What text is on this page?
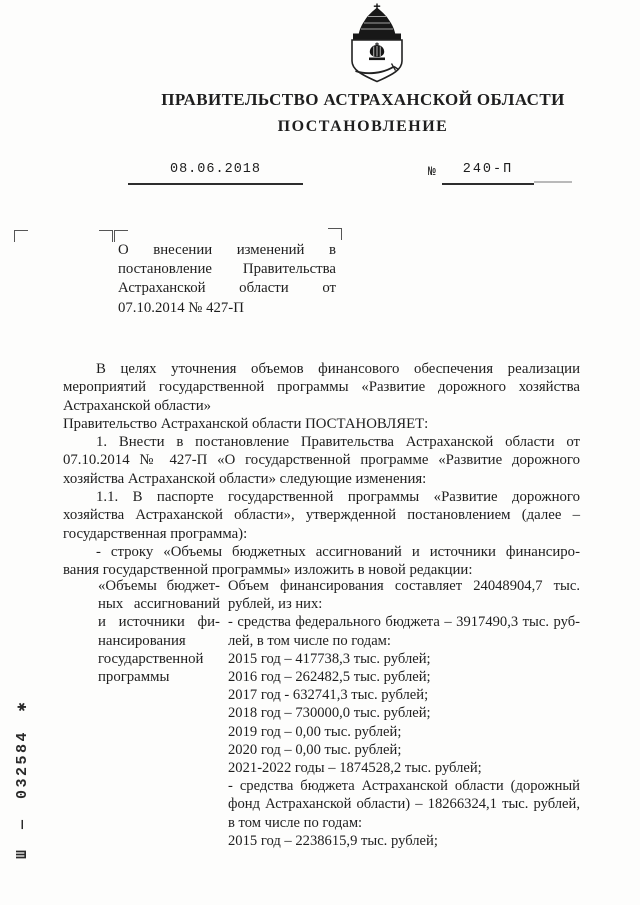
ПРАВИТЕЛЬСТВО АСТРАХАНСКОЙ ОБЛАСТИ
ПОСТАНОВЛЕНИЕ
08.06.2018	№	240-П
О внесении изменений в
постановление Правительства
Астраханской области от
07.10.2014 № 427-П
В целях уточнения объемов финансового обеспечения реализации
мероприятий государственной программы «Развитие дорожного хозяйства
Астраханской области»
Правительство Астраханской области ПОСТАНОВЛЯЕТ:
1. Внести в постановление Правительства Астраханской области от
07.10.2014 № 427-П «О государственной программе «Развитие дорожного
хозяйства Астраханской области» следующие изменения:
1.1. В паспорте государственной программы «Развитие дорожного
хозяйства Астраханской области», утвержденной постановлением (далее –
государственная программа):
- строку «Объемы бюджетных ассигнований и источники финансиро-
вания государственной программы» изложить в новой редакции:
«Объемы бюджет-
ных ассигнований
и источники фи-
нансирования
государственной
программы
Объем финансирования составляет 24048904,7 тыс.
рублей, из них:
- средства федерального бюджета – 3917490,3 тыс. руб-
лей, в том числе по годам:
2015 год – 417738,3 тыс. рублей;
2016 год – 262482,5 тыс. рублей;
2017 год - 632741,3 тыс. рублей;
2018 год – 730000,0 тыс. рублей;
2019 год – 0,00 тыс. рублей;
2020 год – 0,00 тыс. рублей;
2021-2022 годы – 1874528,2 тыс. рублей;
- средства бюджета Астраханской области (дорожный
фонд Астраханской области) – 18266324,1 тыс. рублей,
в том числе по годам:
2015 год – 2238615,9 тыс. рублей;
Ш — 032584 ✱
